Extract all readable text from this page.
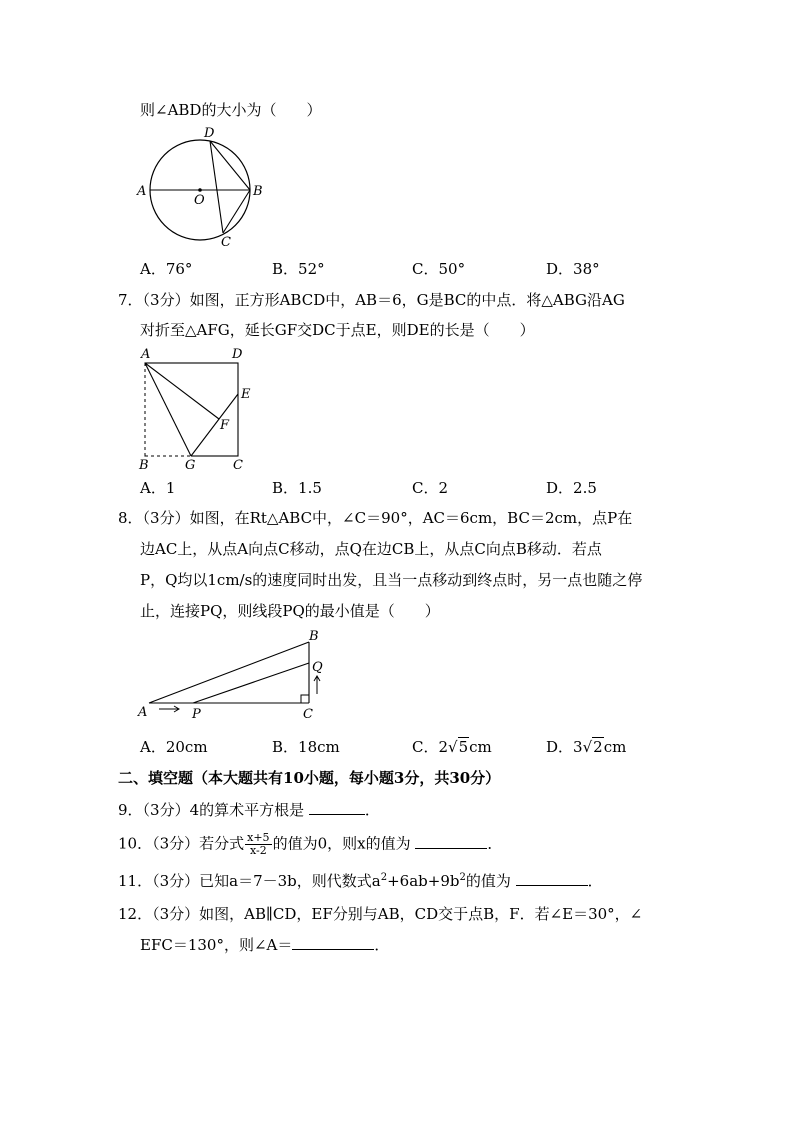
则∠ABD的大小为（　　）
D
A	B
O
C
A．76°	B．52°	C．50°	D．38°
7．（3分）如图，正方形ABCD中，AB＝6，G是BC的中点．将△ABG沿AG
对折至△AFG，延长GF交DC于点E，则DE的长是（　　）
A	D
E
F
B	G	C
A．1	B．1.5	C．2	D．2.5
8．（3分）如图，在Rt△ABC中，∠C＝90°，AC＝6cm，BC＝2cm，点P在
边AC上，从点A向点C移动，点Q在边CB上，从点C向点B移动．若点
P，Q均以1cm/s的速度同时出发，且当一点移动到终点时，另一点也随之停
止，连接PQ，则线段PQ的最小值是（　　）
B
Q
A	P	C
A．20cm	B．18cm	C．2√5cm	D．3√2cm
二、填空题（本大题共有10小题，每小题3分，共30分）
9．（3分）4的算术平方根是	．
10．（3分）若分式 $\frac{x+5}{x-2}$ 的值为0，则x的值为	．
11．（3分）已知a＝7－3b，则代数式$a^2+6ab+9b^2$的值为	．
12．（3分）如图，AB∥CD，EF分别与AB，CD交于点B，F．若∠E＝30°，∠
EFC＝130°，则∠A＝	．
